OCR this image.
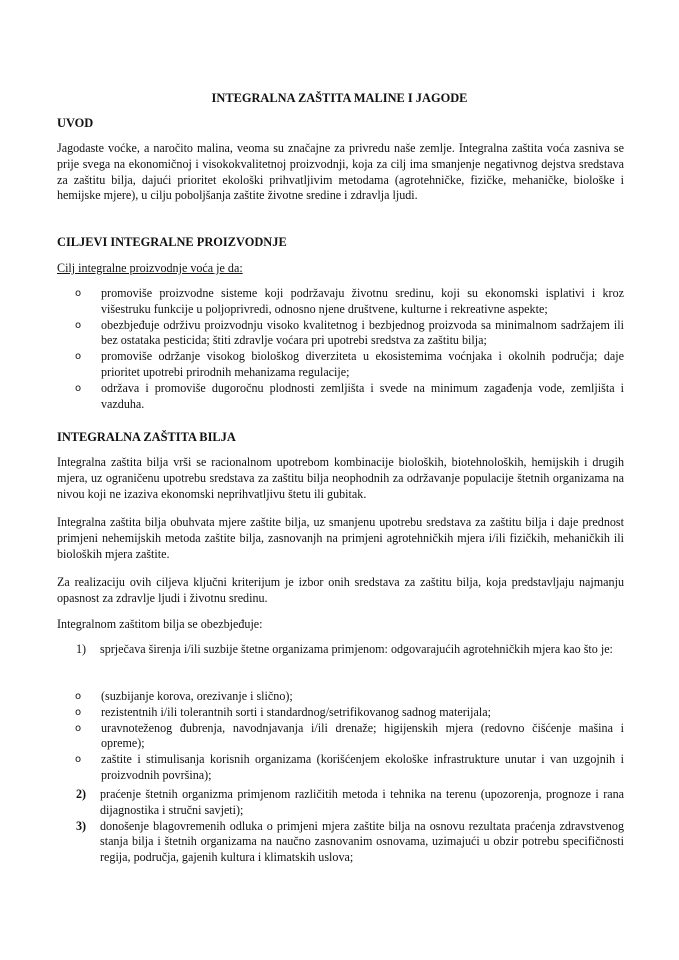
INTEGRALNA ZAŠTITA MALINE I JAGODE
UVOD
Jagodaste voćke, a naročito malina, veoma su značajne za privredu naše zemlje. Integralna zaštita voća zasniva se prije svega na ekonomičnoj i visokokvalitetnoj proizvodnji, koja za cilj ima smanjenje negativnog dejstva sredstava za zaštitu bilja, dajući prioritet ekološki prihvatljivim metodama (agrotehničke, fizičke, mehaničke, biološke i hemijske mjere), u cilju poboljšanja zaštite životne sredine i zdravlja ljudi.
CILJEVI INTEGRALNE PROIZVODNJE
Cilj integralne proizvodnje voća je da:
o promoviše proizvodne sisteme koji podržavaju životnu sredinu, koji su ekonomski isplativi i kroz višestruku funkcije u poljoprivredi, odnosno njene društvene, kulturne i rekreativne aspekte;
o obezbjeđuje održivu proizvodnju visoko kvalitetnog i bezbjednog proizvoda sa minimalnom sadržajem ili bez ostataka pesticida; štiti zdravlje voćara pri upotrebi sredstva za zaštitu bilja;
o promoviše održanje visokog biološkog diverziteta u ekosistemima voćnjaka i okolnih područja; daje prioritet upotrebi prirodnih mehanizama regulacije;
o održava i promoviše dugoročnu plodnosti zemljišta i svede na minimum zagađenja vode, zemljišta i vazduha.
INTEGRALNA ZAŠTITA BILJA
Integralna zaštita bilja vrši se racionalnom upotrebom kombinacije bioloških, biotehnoloških, hemijskih i drugih mjera, uz ograničenu upotrebu sredstava za zaštitu bilja neophodnih za održavanje populacije štetnih organizama na nivou koji ne izaziva ekonomski neprihvatljivu štetu ili gubitak.
Integralna zaštita bilja obuhvata mjere zaštite bilja, uz smanjenu upotrebu sredstava za zaštitu bilja i daje prednost primjeni nehemijskih metoda zaštite bilja, zasnovanjh na primjeni agrotehničkih mjera i/ili fizičkih, mehaničkih ili bioloških mjera zaštite.
Za realizaciju ovih ciljeva ključni kriterijum je izbor onih sredstava za zaštitu bilja, koja predstavljaju najmanju opasnost za zdravlje ljudi i životnu sredinu.
Integralnom zaštitom bilja se obezbjeđuje:
1) sprječava širenja i/ili suzbije štetne organizama primjenom: odgovarajućih agrotehničkih mjera kao što je:
o (suzbijanje korova, orezivanje i slično);
o rezistentnih i/ili tolerantnih sorti i standardnog/setrifikovanog sadnog materijala;
o uravnoteženog đubrenja, navodnjavanja i/ili drenaže; higijenskih mjera (redovno čišćenje mašina i opreme);
o zaštite i stimulisanja korisnih organizama (korišćenjem ekološke infrastrukture unutar i van uzgojnih i proizvodnih površina);
2) praćenje štetnih organizma primjenom različitih metoda i tehnika na terenu (upozorenja, prognoze i rana dijagnostika i stručni savjeti);
3) donošenje blagovremenih odluka o primjeni mjera zaštite bilja na osnovu rezultata praćenja zdravstvenog stanja bilja i štetnih organizama na naučno zasnovanim osnovama, uzimajući u obzir potrebu specifičnosti regija, područja, gajenih kultura i klimatskih uslova;
